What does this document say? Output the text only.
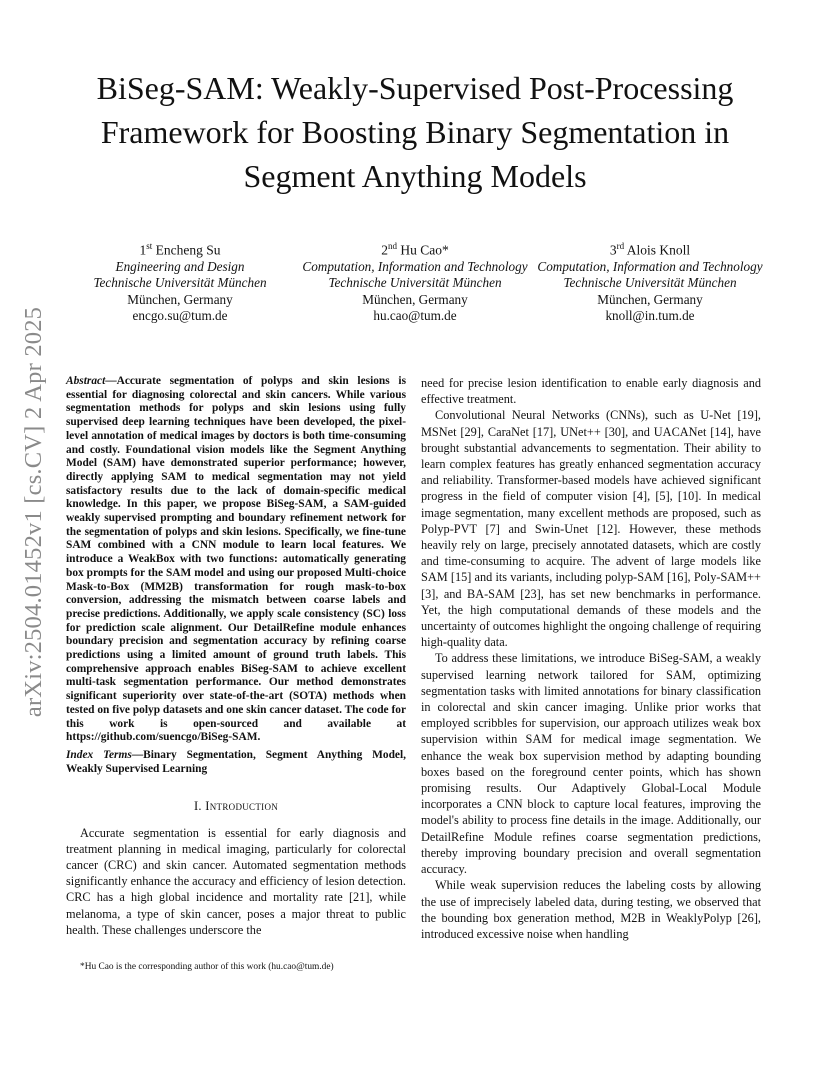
arXiv:2504.01452v1 [cs.CV] 2 Apr 2025
BiSeg-SAM: Weakly-Supervised Post-Processing Framework for Boosting Binary Segmentation in Segment Anything Models
1st Encheng Su
Engineering and Design
Technische Universität München
München, Germany
encgo.su@tum.de
2nd Hu Cao*
Computation, Information and Technology
Technische Universität München
München, Germany
hu.cao@tum.de
3rd Alois Knoll
Computation, Information and Technology
Technische Universität München
München, Germany
knoll@in.tum.de

Abstract—Accurate segmentation of polyps and skin lesions is essential for diagnosing colorectal and skin cancers. While various segmentation methods for polyps and skin lesions using fully supervised deep learning techniques have been developed, the pixel-level annotation of medical images by doctors is both time-consuming and costly. Foundational vision models like the Segment Anything Model (SAM) have demonstrated superior performance; however, directly applying SAM to medical segmentation may not yield satisfactory results due to the lack of domain-specific medical knowledge. In this paper, we propose BiSeg-SAM, a SAM-guided weakly supervised prompting and boundary refinement network for the segmentation of polyps and skin lesions. Specifically, we fine-tune SAM combined with a CNN module to learn local features. We introduce a WeakBox with two functions: automatically generating box prompts for the SAM model and using our proposed Multi-choice Mask-to-Box (MM2B) transformation for rough mask-to-box conversion, addressing the mismatch between coarse labels and precise predictions. Additionally, we apply scale consistency (SC) loss for prediction scale alignment. Our DetailRefine module enhances boundary precision and segmentation accuracy by refining coarse predictions using a limited amount of ground truth labels. This comprehensive approach enables BiSeg-SAM to achieve excellent multi-task segmentation performance. Our method demonstrates significant superiority over state-of-the-art (SOTA) methods when tested on five polyp datasets and one skin cancer dataset. The code for this work is open-sourced and available at https://github.com/suencgo/BiSeg-SAM.

Index Terms—Binary Segmentation, Segment Anything Model, Weakly Supervised Learning

I. Introduction

Accurate segmentation is essential for early diagnosis and treatment planning in medical imaging, particularly for colorectal cancer (CRC) and skin cancer. Automated segmentation methods significantly enhance the accuracy and efficiency of lesion detection. CRC has a high global incidence and mortality rate [21], while melanoma, a type of skin cancer, poses a major threat to public health. These challenges underscore the

need for precise lesion identification to enable early diagnosis and effective treatment.

Convolutional Neural Networks (CNNs), such as U-Net [19], MSNet [29], CaraNet [17], UNet++ [30], and UACANet [14], have brought substantial advancements to segmentation. Their ability to learn complex features has greatly enhanced segmentation accuracy and reliability. Transformer-based models have achieved significant progress in the field of computer vision [4], [5], [10]. In medical image segmentation, many excellent methods are proposed, such as Polyp-PVT [7] and Swin-Unet [12]. However, these methods heavily rely on large, precisely annotated datasets, which are costly and time-consuming to acquire. The advent of large models like SAM [15] and its variants, including polyp-SAM [16], Poly-SAM++ [3], and BA-SAM [23], has set new benchmarks in performance. Yet, the high computational demands of these models and the uncertainty of outcomes highlight the ongoing challenge of requiring high-quality data.

To address these limitations, we introduce BiSeg-SAM, a weakly supervised learning network tailored for SAM, optimizing segmentation tasks with limited annotations for binary classification in colorectal and skin cancer imaging. Unlike prior works that employed scribbles for supervision, our approach utilizes weak box supervision within SAM for medical image segmentation. We enhance the weak box supervision method by adapting bounding boxes based on the foreground center points, which has shown promising results. Our Adaptively Global-Local Module incorporates a CNN block to capture local features, improving the model's ability to process fine details in the image. Additionally, our DetailRefine Module refines coarse segmentation predictions, thereby improving boundary precision and overall segmentation accuracy.

While weak supervision reduces the labeling costs by allowing the use of imprecisely labeled data, during testing, we observed that the bounding box generation method, M2B in WeaklyPolyp [26], introduced excessive noise when handling

*Hu Cao is the corresponding author of this work (hu.cao@tum.de)
